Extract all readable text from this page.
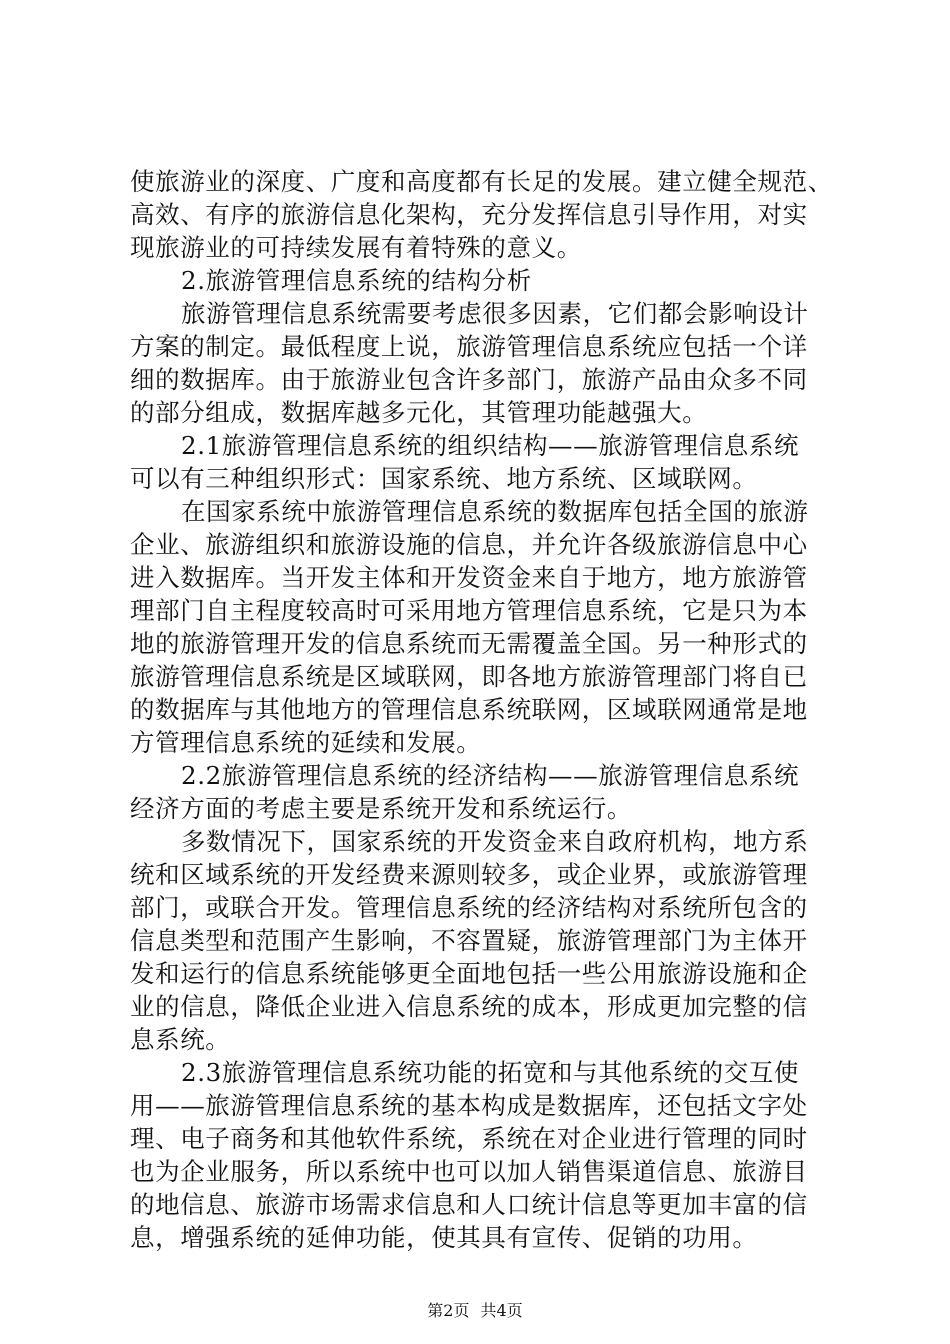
使旅游业的深度、广度和高度都有长足的发展。建立健全规范、
高效、有序的旅游信息化架构，充分发挥信息引导作用，对实
现旅游业的可持续发展有着特殊的意义。
2.旅游管理信息系统的结构分析
旅游管理信息系统需要考虑很多因素，它们都会影响设计
方案的制定。最低程度上说，旅游管理信息系统应包括一个详
细的数据库。由于旅游业包含许多部门，旅游产品由众多不同
的部分组成，数据库越多元化，其管理功能越强大。
2.1旅游管理信息系统的组织结构——旅游管理信息系统
可以有三种组织形式：国家系统、地方系统、区域联网。
在国家系统中旅游管理信息系统的数据库包括全国的旅游
企业、旅游组织和旅游设施的信息，并允许各级旅游信息中心
进入数据库。当开发主体和开发资金来自于地方，地方旅游管
理部门自主程度较高时可采用地方管理信息系统，它是只为本
地的旅游管理开发的信息系统而无需覆盖全国。另一种形式的
旅游管理信息系统是区域联网，即各地方旅游管理部门将自已
的数据库与其他地方的管理信息系统联网，区域联网通常是地
方管理信息系统的延续和发展。
2.2旅游管理信息系统的经济结构——旅游管理信息系统
经济方面的考虑主要是系统开发和系统运行。
多数情况下，国家系统的开发资金来自政府机构，地方系
统和区域系统的开发经费来源则较多，或企业界，或旅游管理
部门，或联合开发。管理信息系统的经济结构对系统所包含的
信息类型和范围产生影响，不容置疑，旅游管理部门为主体开
发和运行的信息系统能够更全面地包括一些公用旅游设施和企
业的信息，降低企业进入信息系统的成本，形成更加完整的信
息系统。
2.3旅游管理信息系统功能的拓宽和与其他系统的交互使
用——旅游管理信息系统的基本构成是数据库，还包括文字处
理、电子商务和其他软件系统，系统在对企业进行管理的同时
也为企业服务，所以系统中也可以加人销售渠道信息、旅游目
的地信息、旅游市场需求信息和人口统计信息等更加丰富的信
息，增强系统的延伸功能，使其具有宣传、促销的功用。
第2页 共4页
